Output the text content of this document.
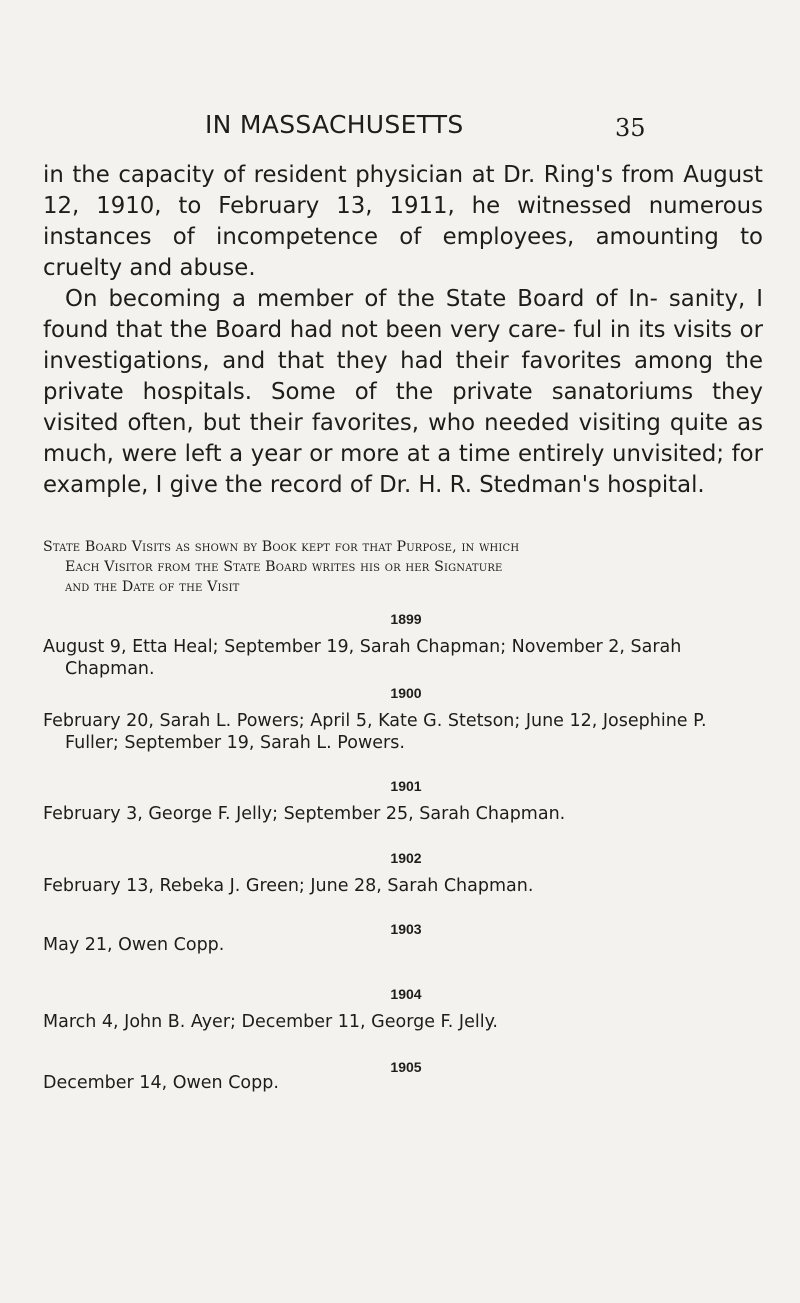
IN MASSACHUSETTS	35

in the capacity of resident physician at Dr. Ring's from August 12, 1910, to February 13, 1911, he witnessed numerous instances of incompetence of employees, amounting to cruelty and abuse.

On becoming a member of the State Board of In- sanity, I found that the Board had not been very care- ful in its visits or investigations, and that they had their favorites among the private hospitals. Some of the private sanatoriums they visited often, but their favorites, who needed visiting quite as much, were left a year or more at a time entirely unvisited; for example, I give the record of Dr. H. R. Stedman's hospital.

State Board Visits as shown by Book kept for that Purpose, in which
Each Visitor from the State Board writes his or her Signature
and the Date of the Visit
1899
August 9, Etta Heal; September 19, Sarah Chapman; November 2, Sarah Chapman.
1900
February 20, Sarah L. Powers; April 5, Kate G. Stetson; June 12, Josephine P. Fuller; September 19, Sarah L. Powers.
1901
February 3, George F. Jelly; September 25, Sarah Chapman.
1902
February 13, Rebeka J. Green; June 28, Sarah Chapman.
1903
May 21, Owen Copp.
1904
March 4, John B. Ayer; December 11, George F. Jelly.
1905
December 14, Owen Copp.
